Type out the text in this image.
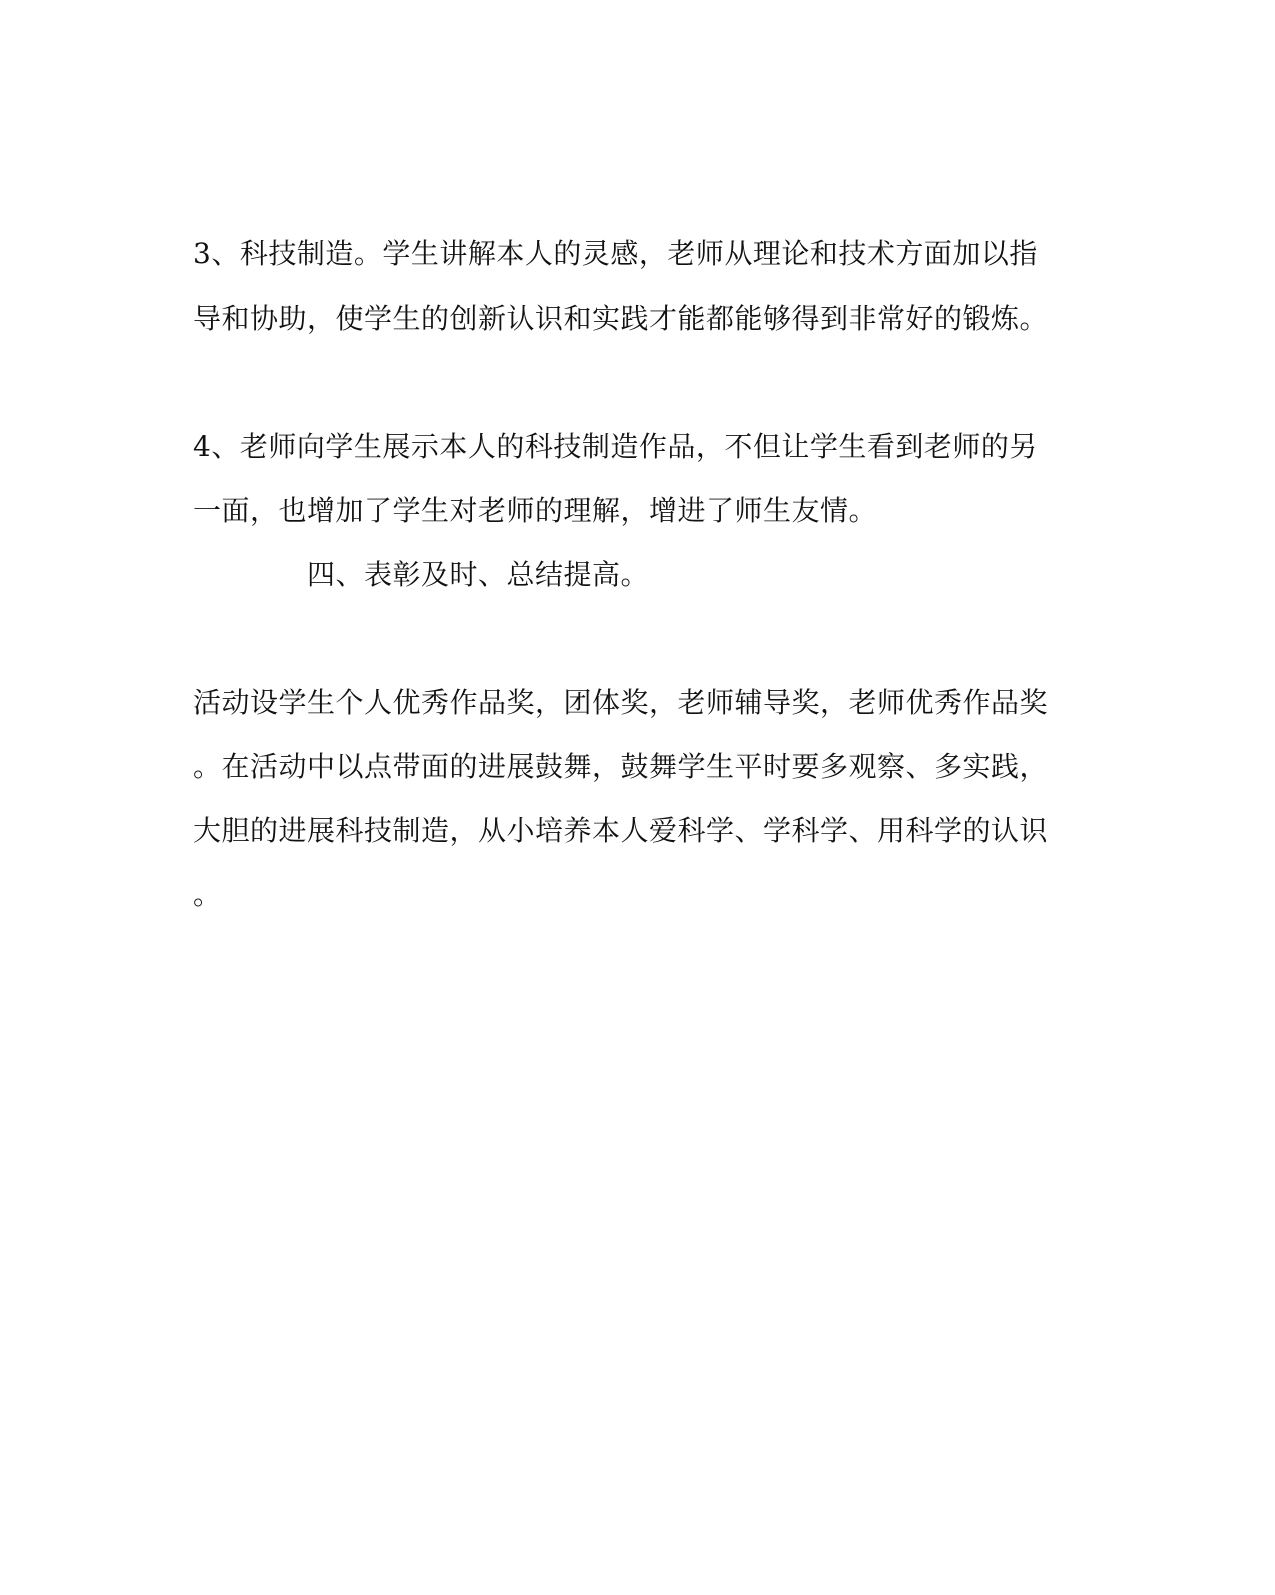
3、科技制造。学生讲解本人的灵感，老师从理论和技术方面加以指

导和协助，使学生的创新认识和实践才能都能够得到非常好的锻炼。

4、老师向学生展示本人的科技制造作品，不但让学生看到老师的另

一面，也增加了学生对老师的理解，增进了师生友情。

四、表彰及时、总结提高。

活动设学生个人优秀作品奖，团体奖，老师辅导奖，老师优秀作品奖

。在活动中以点带面的进展鼓舞，鼓舞学生平时要多观察、多实践，

大胆的进展科技制造，从小培养本人爱科学、学科学、用科学的认识

。
